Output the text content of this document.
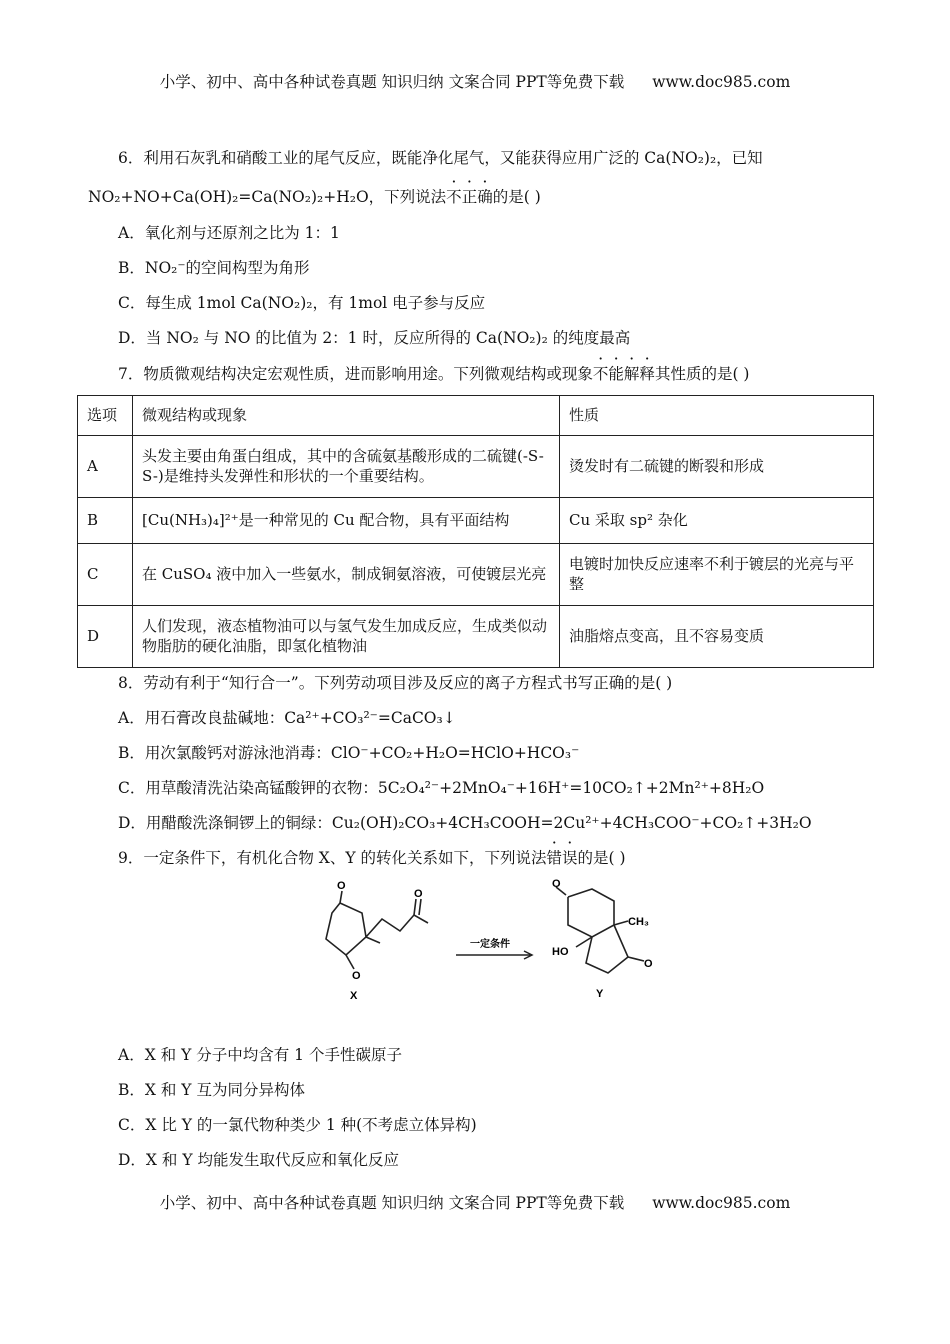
小学、初中、高中各种试卷真题 知识归纳 文案合同 PPT等免费下载 www.doc985.com
6．利用石灰乳和硝酸工业的尾气反应，既能净化尾气，又能获得应用广泛的 Ca(NO₂)₂，已知
NO₂+NO+Ca(OH)₂=Ca(NO₂)₂+H₂O，下列说法不正确的是( )
A．氧化剂与还原剂之比为 1：1
B．NO₂⁻的空间构型为角形
C．每生成 1mol Ca(NO₂)₂，有 1mol 电子参与反应
D．当 NO₂ 与 NO 的比值为 2：1 时，反应所得的 Ca(NO₂)₂ 的纯度最高
7．物质微观结构决定宏观性质，进而影响用途。下列微观结构或现象不能解释其性质的是( )
选项	微观结构或现象	性质
A	头发主要由角蛋白组成，其中的含硫氨基酸形成的二硫键(-S-S-)是维持头发弹性和形状的一个重要结构。	烫发时有二硫键的断裂和形成
B	[Cu(NH₃)₄]²⁺是一种常见的 Cu 配合物，具有平面结构	Cu 采取 sp² 杂化
C	在 CuSO₄ 液中加入一些氨水，制成铜氨溶液，可使镀层光亮	电镀时加快反应速率不利于镀层的光亮与平整
D	人们发现，液态植物油可以与氢气发生加成反应，生成类似动物脂肪的硬化油脂，即氢化植物油	油脂熔点变高，且不容易变质
8．劳动有利于“知行合一”。下列劳动项目涉及反应的离子方程式书写正确的是( )
A．用石膏改良盐碱地：Ca²⁺+CO₃²⁻=CaCO₃↓
B．用次氯酸钙对游泳池消毒：ClO⁻+CO₂+H₂O=HClO+HCO₃⁻
C．用草酸清洗沾染高锰酸钾的衣物：5C₂O₄²⁻+2MnO₄⁻+16H⁺=10CO₂↑+2Mn²⁺+8H₂O
D．用醋酸洗涤铜锣上的铜绿：Cu₂(OH)₂CO₃+4CH₃COOH=2Cu²⁺+4CH₃COO⁻+CO₂↑+3H₂O
9．一定条件下，有机化合物 X、Y 的转化关系如下，下列说法错误的是( )
O
O
O
X
一定条件
O
O
CH₃
HO
Y
A．X 和 Y 分子中均含有 1 个手性碳原子
B．X 和 Y 互为同分异构体
C．X 比 Y 的一氯代物种类少 1 种(不考虑立体异构)
D．X 和 Y 均能发生取代反应和氧化反应
小学、初中、高中各种试卷真题 知识归纳 文案合同 PPT等免费下载 www.doc985.com
